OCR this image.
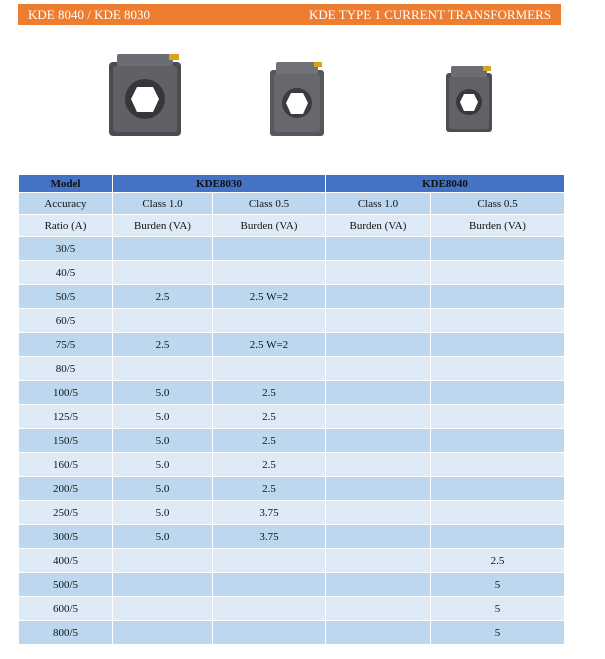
KDE 8040 / KDE 8030	KDE TYPE 1 CURRENT TRANSFORMERS
Model	KDE8030		KDE8040	
Accuracy	Class 1.0	Class 0.5	Class 1.0	Class 0.5
Ratio (A)	Burden (VA)	Burden (VA)	Burden (VA)	Burden (VA)
30/5				
40/5				
50/5	2.5	2.5 W=2		
60/5				
75/5	2.5	2.5 W=2		
80/5				
100/5	5.0	2.5		
125/5	5.0	2.5		
150/5	5.0	2.5		
160/5	5.0	2.5		
200/5	5.0	2.5		
250/5	5.0	3.75		
300/5	5.0	3.75		
400/5				2.5
500/5				5
600/5				5
800/5				5
